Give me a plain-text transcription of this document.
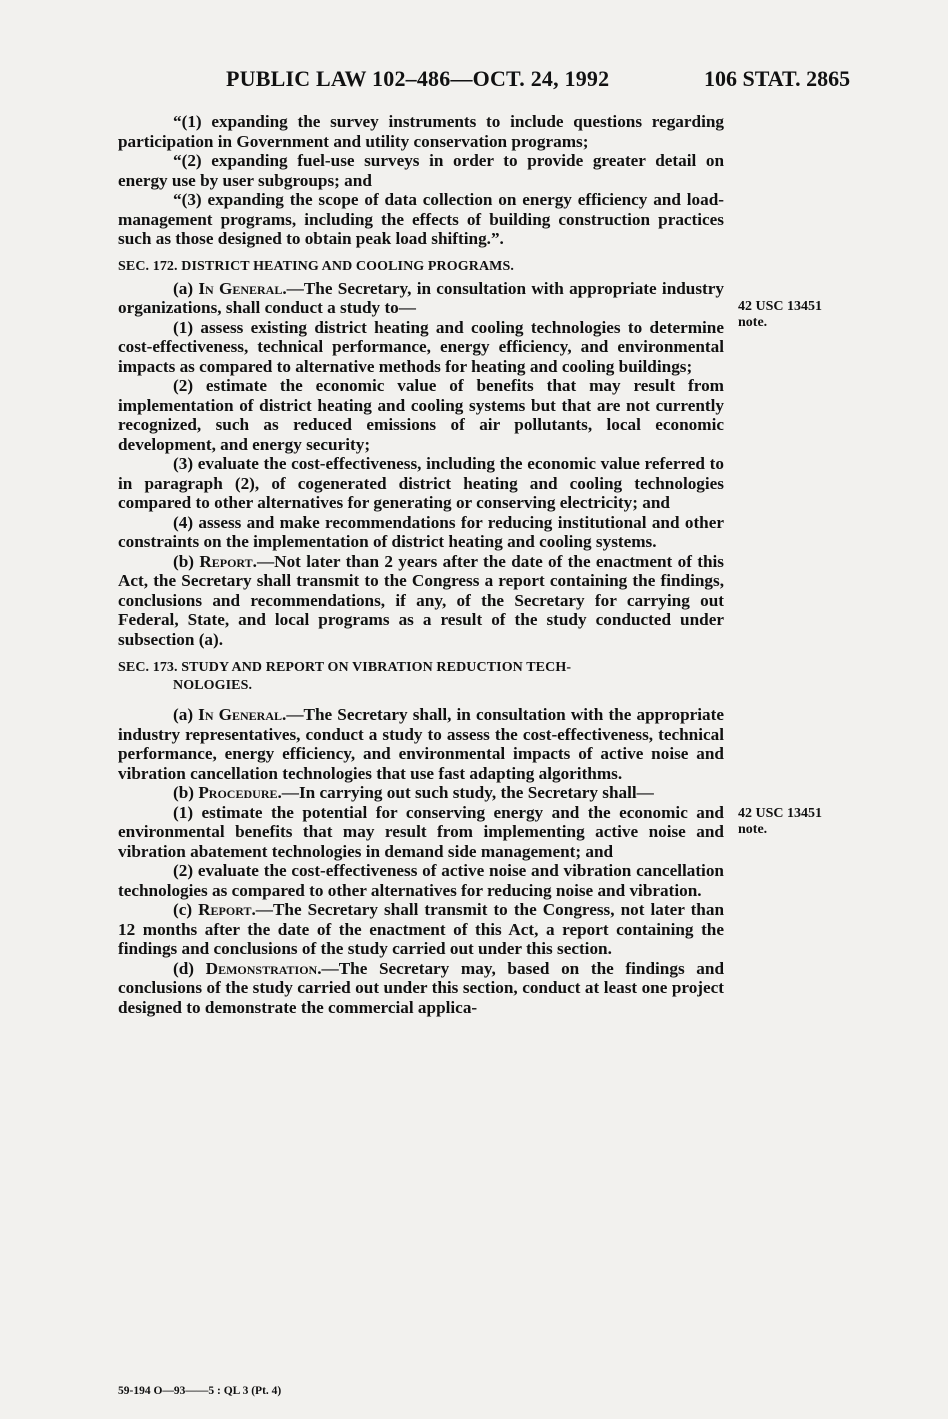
PUBLIC LAW 102–486—OCT. 24, 1992	106 STAT. 2865
42 USC 13451
note.
42 USC 13451
note.

“(1) expanding the survey instruments to include questions regarding participation in Government and utility conservation programs;

“(2) expanding fuel-use surveys in order to provide greater detail on energy use by user subgroups; and

“(3) expanding the scope of data collection on energy efficiency and load-management programs, including the effects of building construction practices such as those designed to obtain peak load shifting.”.

SEC. 172. DISTRICT HEATING AND COOLING PROGRAMS.

(a) In General.—The Secretary, in consultation with appropriate industry organizations, shall conduct a study to—

(1) assess existing district heating and cooling technologies to determine cost-effectiveness, technical performance, energy efficiency, and environmental impacts as compared to alternative methods for heating and cooling buildings;

(2) estimate the economic value of benefits that may result from implementation of district heating and cooling systems but that are not currently recognized, such as reduced emissions of air pollutants, local economic development, and energy security;

(3) evaluate the cost-effectiveness, including the economic value referred to in paragraph (2), of cogenerated district heating and cooling technologies compared to other alternatives for generating or conserving electricity; and

(4) assess and make recommendations for reducing institutional and other constraints on the implementation of district heating and cooling systems.

(b) Report.—Not later than 2 years after the date of the enactment of this Act, the Secretary shall transmit to the Congress a report containing the findings, conclusions and recommendations, if any, of the Secretary for carrying out Federal, State, and local programs as a result of the study conducted under subsection (a).

SEC. 173. STUDY AND REPORT ON VIBRATION REDUCTION TECH-
NOLOGIES.

(a) In General.—The Secretary shall, in consultation with the appropriate industry representatives, conduct a study to assess the cost-effectiveness, technical performance, energy efficiency, and environmental impacts of active noise and vibration cancellation technologies that use fast adapting algorithms.

(b) Procedure.—In carrying out such study, the Secretary shall—

(1) estimate the potential for conserving energy and the economic and environmental benefits that may result from implementing active noise and vibration abatement technologies in demand side management; and

(2) evaluate the cost-effectiveness of active noise and vibration cancellation technologies as compared to other alternatives for reducing noise and vibration.

(c) Report.—The Secretary shall transmit to the Congress, not later than 12 months after the date of the enactment of this Act, a report containing the findings and conclusions of the study carried out under this section.

(d) Demonstration.—The Secretary may, based on the findings and conclusions of the study carried out under this section, conduct at least one project designed to demonstrate the commercial applica-

59-194 O—93——5 : QL 3 (Pt. 4)
